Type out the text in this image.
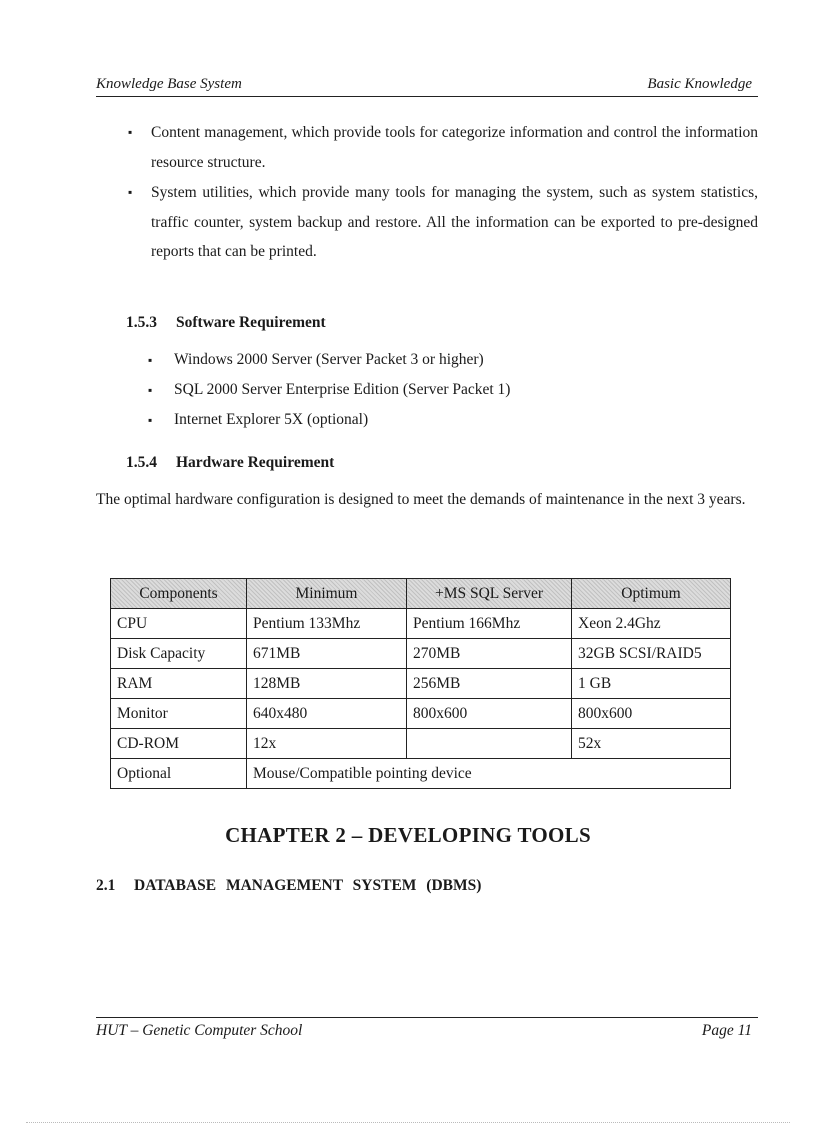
Knowledge Base System	Basic Knowledge
▪ Content management, which provide tools for categorize information and control the information resource structure.
▪ System utilities, which provide many tools for managing the system, such as system statistics, traffic counter, system backup and restore. All the information can be exported to pre-designed reports that can be printed.
1.5.3 Software Requirement
▪ Windows 2000 Server (Server Packet 3 or higher)
▪ SQL 2000 Server Enterprise Edition (Server Packet 1)
▪ Internet Explorer 5X (optional)
1.5.4 Hardware Requirement
The optimal hardware configuration is designed to meet the demands of maintenance in the next 3 years.
Components	Minimum	+MS SQL Server	Optimum
CPU	Pentium 133Mhz	Pentium 166Mhz	Xeon 2.4Ghz
Disk Capacity	671MB	270MB	32GB SCSI/RAID5
RAM	128MB	256MB	1 GB
Monitor	640x480	800x600	800x600
CD-ROM	12x		52x
Optional	Mouse/Compatible pointing device		
CHAPTER 2 – DEVELOPING TOOLS
2.1 DATABASE MANAGEMENT SYSTEM (DBMS)
HUT – Genetic Computer School	Page 11
